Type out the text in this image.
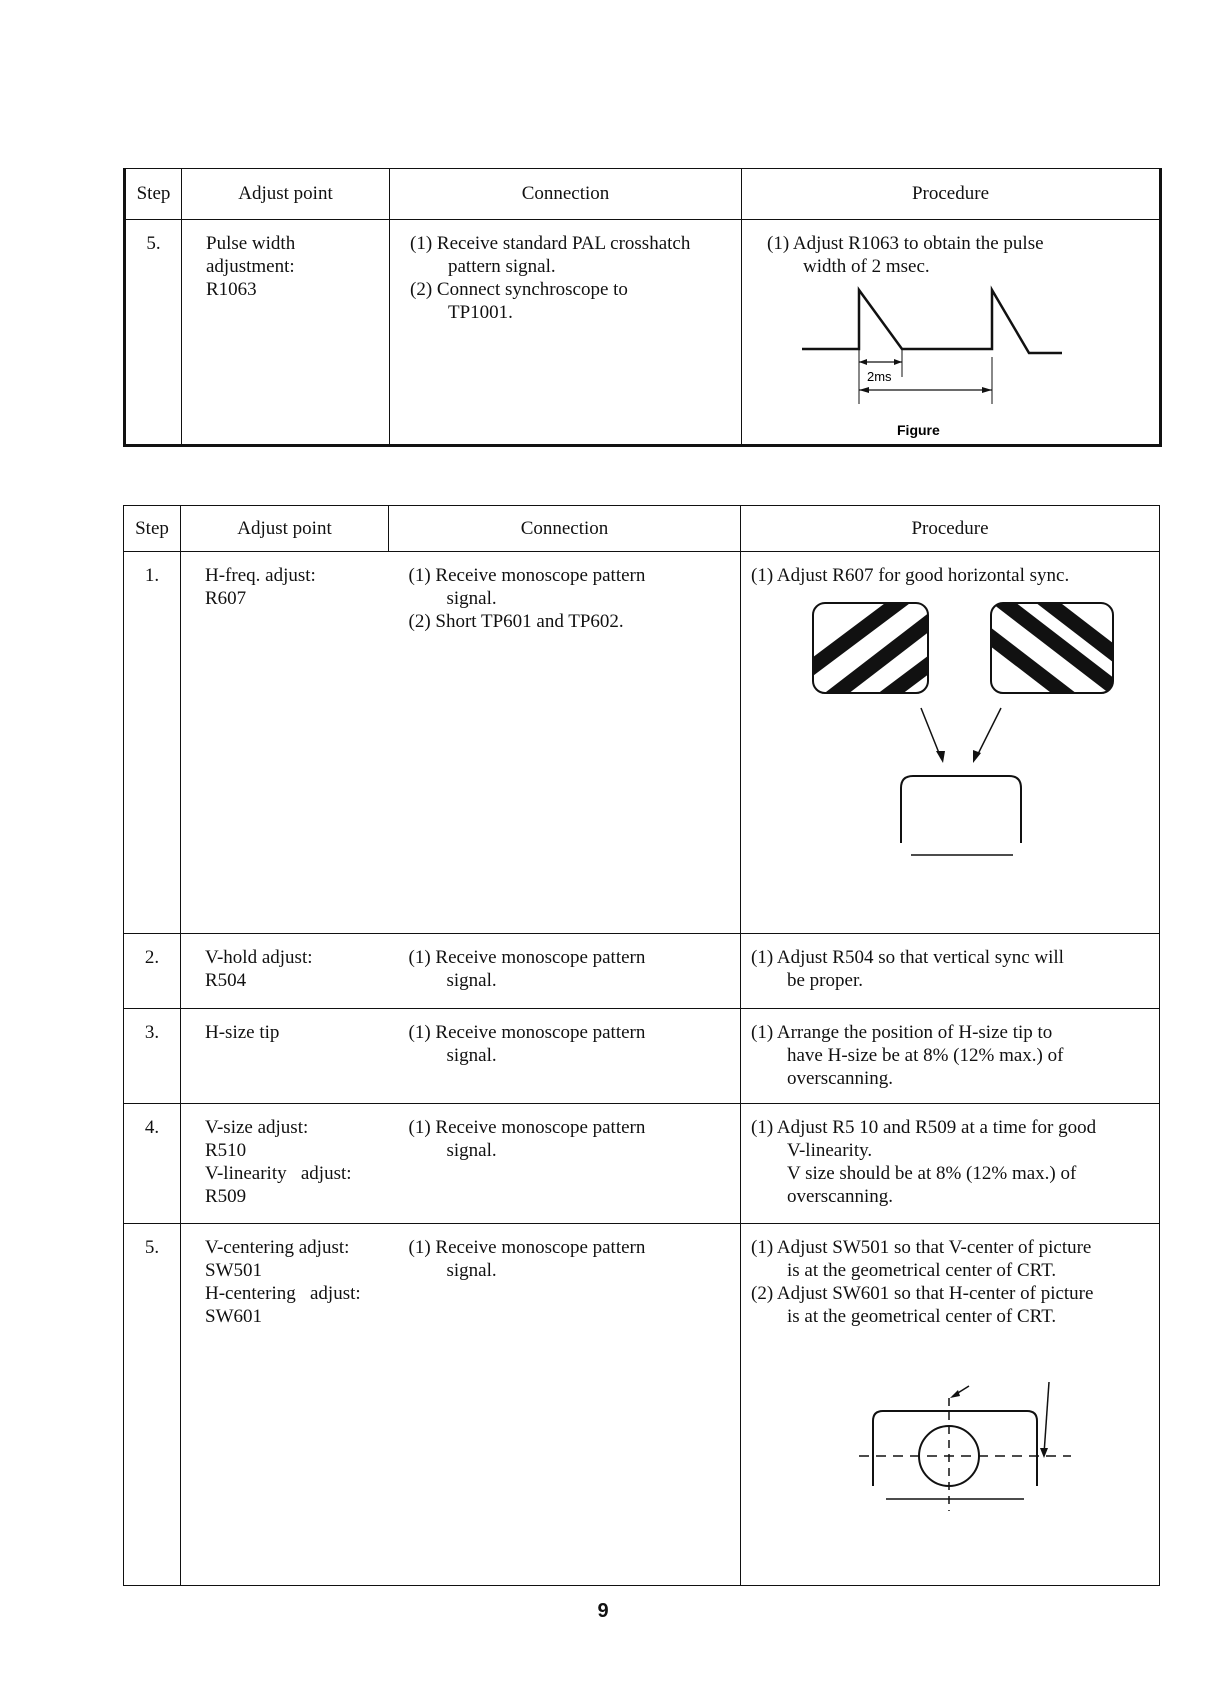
Step	Adjust point	Connection	Procedure
5.	Pulse width
adjustment:
R1063	(1) Receive standard PAL crosshatch
pattern signal.
(2) Connect synchroscope to
TP1001.	(1) Adjust R1063 to obtain the pulse
width of 2 msec.
2ms
Figure
Step	Adjust point	Connection	Procedure
1.	H-freq. adjust:
R607	(1) Receive monoscope pattern
signal.
(2) Short TP601 and TP602.	(1) Adjust R607 for good horizontal sync.

2.	V-hold adjust:
R504	(1) Receive monoscope pattern
signal.	(1) Adjust R504 so that vertical sync will
be proper.

3.	H-size tip	(1) Receive monoscope pattern
signal.	(1) Arrange the position of H-size tip to
have H-size be at 8% (12% max.) of
overscanning.

4.	V-size adjust:
R510
V-linearity   adjust:
R509	(1) Receive monoscope pattern
signal.	(1) Adjust R5 10 and R509 at a time for good
V-linearity.
V size should be at 8% (12% max.) of
overscanning.

5.	V-centering adjust:
SW501
H-centering   adjust:
SW601	(1) Receive monoscope pattern
signal.	(1) Adjust SW501 so that V-center of picture
is at the geometrical center of CRT.
(2) Adjust SW601 so that H-center of picture
is at the geometrical center of CRT.
9
